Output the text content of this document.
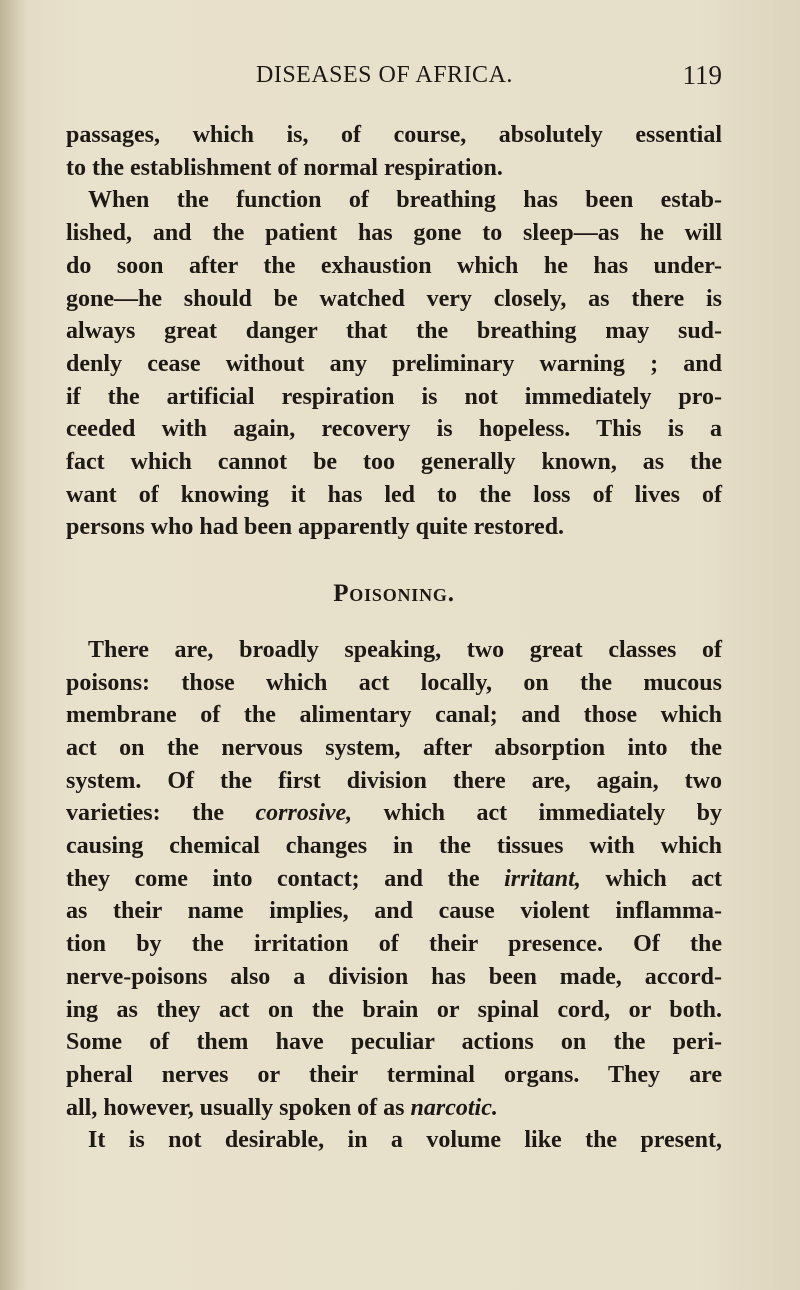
DISEASES OF AFRICA.	119
passages, which is, of course, absolutely essential
to the establishment of normal respiration.
When the function of breathing has been estab-
lished, and the patient has gone to sleep—as he will
do soon after the exhaustion which he has under-
gone—he should be watched very closely, as there is
always great danger that the breathing may sud-
denly cease without any preliminary warning ; and
if the artificial respiration is not immediately pro-
ceeded with again, recovery is hopeless. This is a
fact which cannot be too generally known, as the
want of knowing it has led to the loss of lives of
persons who had been apparently quite restored.
Poisoning.
There are, broadly speaking, two great classes of
poisons: those which act locally, on the mucous
membrane of the alimentary canal; and those which
act on the nervous system, after absorption into the
system. Of the first division there are, again, two
varieties: the corrosive, which act immediately by
causing chemical changes in the tissues with which
they come into contact; and the irritant, which act
as their name implies, and cause violent inflamma-
tion by the irritation of their presence. Of the
nerve-poisons also a division has been made, accord-
ing as they act on the brain or spinal cord, or both.
Some of them have peculiar actions on the peri-
pheral nerves or their terminal organs. They are
all, however, usually spoken of as narcotic.
It is not desirable, in a volume like the present,
